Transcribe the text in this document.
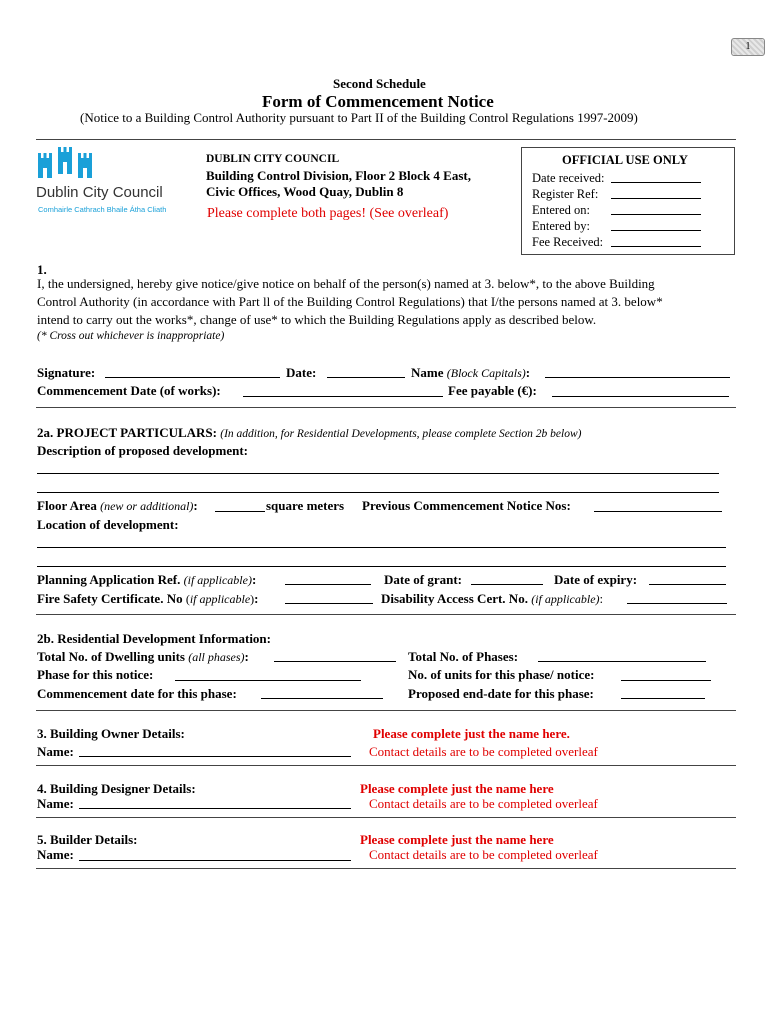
1
Second Schedule
Form of Commencement Notice
(Notice to a Building Control Authority pursuant to Part II of the Building Control Regulations 1997-2009)
Dublin City Council
Comhairle Cathrach Bhaile Átha Cliath
DUBLIN CITY COUNCIL
Building Control Division, Floor 2 Block 4 East,
Civic Offices, Wood Quay, Dublin 8
Please complete both pages! (See overleaf)
OFFICIAL USE ONLY
Date received:
Register Ref:
Entered on:
Entered by:
Fee Received:
1.
I, the undersigned, hereby give notice/give notice on behalf of the person(s) named at 3. below*, to the above Building
Control Authority (in accordance with Part ll of the Building Control Regulations) that I/the persons named at 3. below*
intend to carry out the works*, change of use* to which the Building Regulations apply as described below.
(* Cross out whichever is inappropriate)
Signature:	Date:	Name (Block Capitals):
Commencement Date (of works):	Fee payable (€):
2a. PROJECT PARTICULARS: (In addition, for Residential Developments, please complete Section 2b below)
Description of proposed development:
Floor Area (new or additional):	square meters Previous Commencement Notice Nos:
Location of development:
Planning Application Ref. (if applicable):	Date of grant:	Date of expiry:
Fire Safety Certificate. No (if applicable):	Disability Access Cert. No. (if applicable):
2b. Residential Development Information:
Total No. of Dwelling units (all phases):	Total No. of Phases:
Phase for this notice:	No. of units for this phase/ notice:
Commencement date for this phase:	Proposed end-date for this phase:
3. Building Owner Details:
Name:
Please complete just the name here.
Contact details are to be completed overleaf
4. Building Designer Details:
Name:
Please complete just the name here
Contact details are to be completed overleaf
5. Builder Details:
Name:
Please complete just the name here
Contact details are to be completed overleaf
